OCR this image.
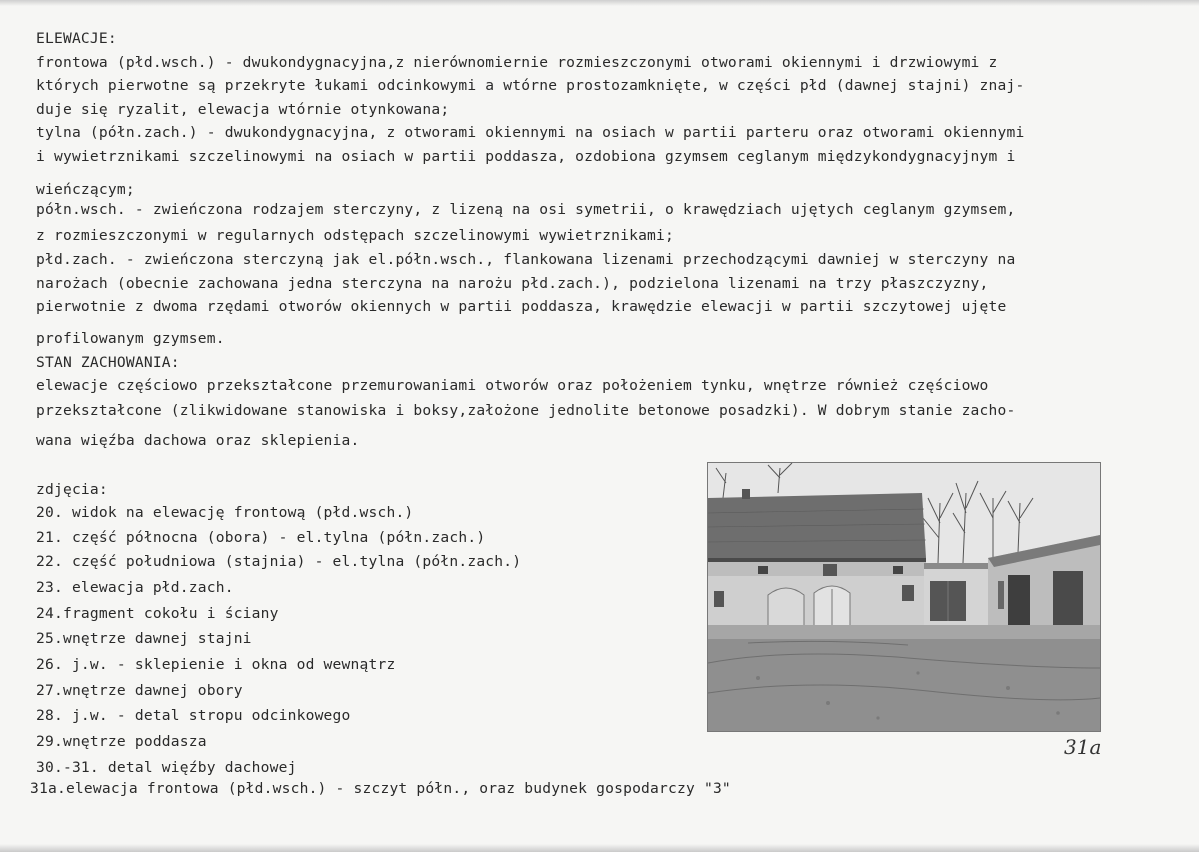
ELEWACJE:
frontowa (płd.wsch.) - dwukondygnacyjna,z nierównomiernie rozmieszczonymi otworami okiennymi i drzwiowymi z
których pierwotne są przekryte łukami odcinkowymi a wtórne prostozamknięte, w części płd (dawnej stajni) znaj-
duje się ryzalit, elewacja wtórnie otynkowana;
tylna (półn.zach.) - dwukondygnacyjna, z otworami okiennymi na osiach w partii parteru oraz otworami okiennymi
i wywietrznikami szczelinowymi na osiach w partii poddasza, ozdobiona gzymsem ceglanym międzykondygnacyjnym i
wieńczącym;
półn.wsch. - zwieńczona rodzajem sterczyny, z lizeną na osi symetrii, o krawędziach ujętych ceglanym gzymsem,
z rozmieszczonymi w regularnych odstępach szczelinowymi wywietrznikami;
płd.zach. - zwieńczona sterczyną jak el.półn.wsch., flankowana lizenami przechodzącymi dawniej w sterczyny na
narożach (obecnie zachowana jedna sterczyna na narożu płd.zach.), podzielona lizenami na trzy płaszczyzny,
pierwotnie z dwoma rzędami otworów okiennych w partii poddasza, krawędzie elewacji w partii szczytowej ujęte
profilowanym gzymsem.
STAN ZACHOWANIA:
elewacje częściowo przekształcone przemurowaniami otworów oraz położeniem tynku, wnętrze również częściowo
przekształcone (zlikwidowane stanowiska i boksy,założone jednolite betonowe posadzki). W dobrym stanie zacho-
wana więźba dachowa oraz sklepienia.
zdjęcia:
20. widok na elewację frontową (płd.wsch.)
21. część północna (obora) - el.tylna (półn.zach.)
22. część południowa (stajnia) - el.tylna (półn.zach.)
23. elewacja płd.zach.
24.fragment cokołu i ściany
25.wnętrze dawnej stajni
26. j.w. - sklepienie i okna od wewnątrz
27.wnętrze dawnej obory
28. j.w. - detal stropu odcinkowego
29.wnętrze poddasza
30.-31. detal więźby dachowej
31a.elewacja frontowa (płd.wsch.) - szczyt półn., oraz budynek gospodarczy "3"
31a
